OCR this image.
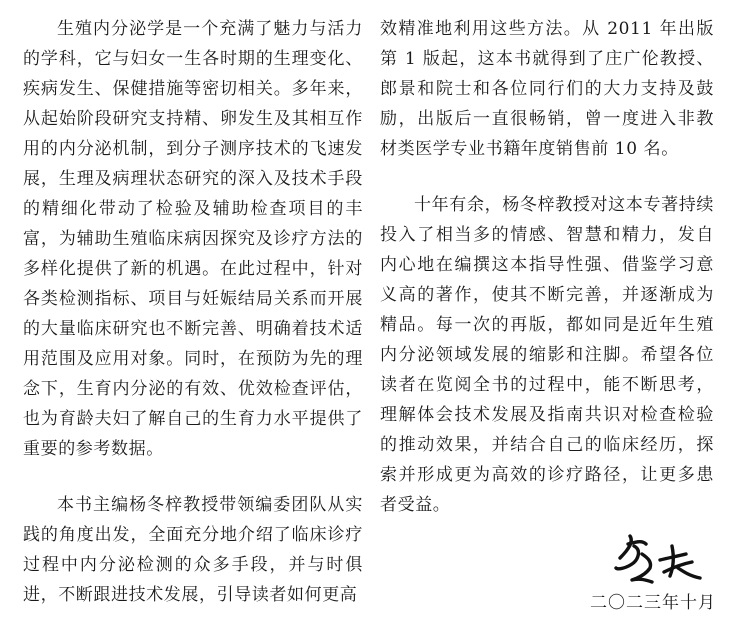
生殖内分泌学是一个充满了魅力与活力的学科，它与妇女一生各时期的生理变化、疾病发生、保健措施等密切相关。多年来，从起始阶段研究支持精、卵发生及其相互作用的内分泌机制，到分子测序技术的飞速发展，生理及病理状态研究的深入及技术手段的精细化带动了检验及辅助检查项目的丰富，为辅助生殖临床病因探究及诊疗方法的多样化提供了新的机遇。在此过程中，针对各类检测指标、项目与妊娠结局关系而开展的大量临床研究也不断完善、明确着技术适用范围及应用对象。同时，在预防为先的理念下，生育内分泌的有效、优效检查评估，也为育龄夫妇了解自己的生育力水平提供了重要的参考数据。

本书主编杨冬梓教授带领编委团队从实践的角度出发，全面充分地介绍了临床诊疗过程中内分泌检测的众多手段，并与时俱进，不断跟进技术发展，引导读者如何更高

效精准地利用这些方法。从 2011 年出版第 1 版起，这本书就得到了庄广伦教授、郎景和院士和各位同行们的大力支持及鼓励，出版后一直很畅销，曾一度进入非教材类医学专业书籍年度销售前 10 名。

十年有余，杨冬梓教授对这本专著持续投入了相当多的情感、智慧和精力，发自内心地在编撰这本指导性强、借鉴学习意义高的著作，使其不断完善，并逐渐成为精品。每一次的再版，都如同是近年生殖内分泌领域发展的缩影和注脚。希望各位读者在览阅全书的过程中，能不断思考，理解体会技术发展及指南共识对检查检验的推动效果，并结合自己的临床经历，探索并形成更为高效的诊疗路径，让更多患者受益。

二〇二三年十月
